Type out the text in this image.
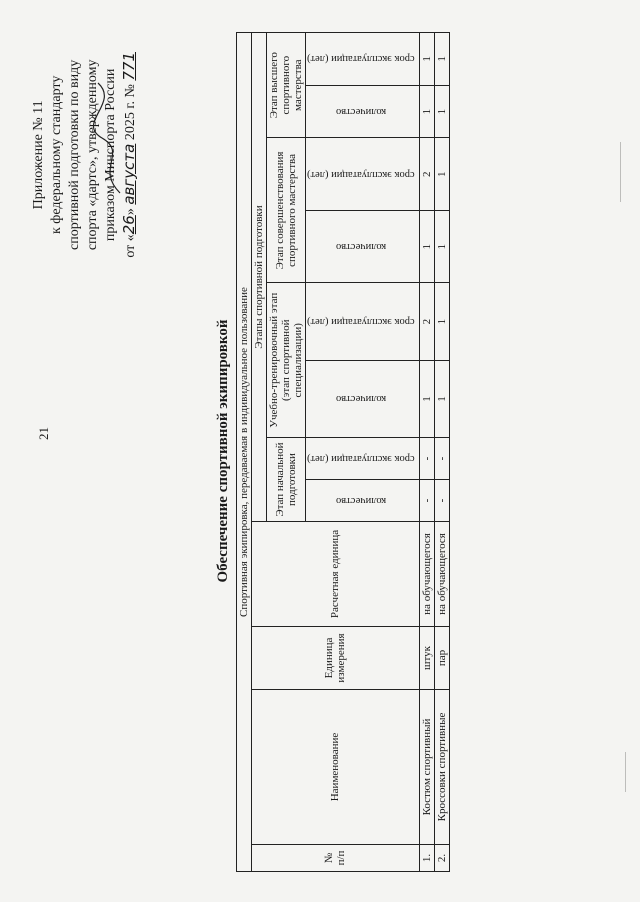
21
Приложение № 11 к федеральному стандарту спортивной подготовки по виду спорта «дартс», утвержденному приказом Минспорта России
от «26» августа 2025 г. № 771
Обеспечение спортивной экипировкой Спортивная экипировка, передаваемая в индивидуальное пользование											
№ п/п	Наименование	Единица измерения	Расчетная единица	Этапы спортивной подготовки							
				Этап начальной подготовки		Учебно-тренировочный этап (этап спортивной специализации)		Этап совершенствования спортивного мастерства		Этап высшего спортивного мастерства	
				количество	срок эксплуатации (лет)	количество	срок эксплуатации (лет)	количество	срок эксплуатации (лет)	количество	срок эксплуатации (лет)
1.	Костюм спортивный	штук	на обучающегося	-	-	1	2	1	2	1	1
2.	Кроссовки спортивные	пар	на обучающегося	-	-	1	1	1	1	1	1
